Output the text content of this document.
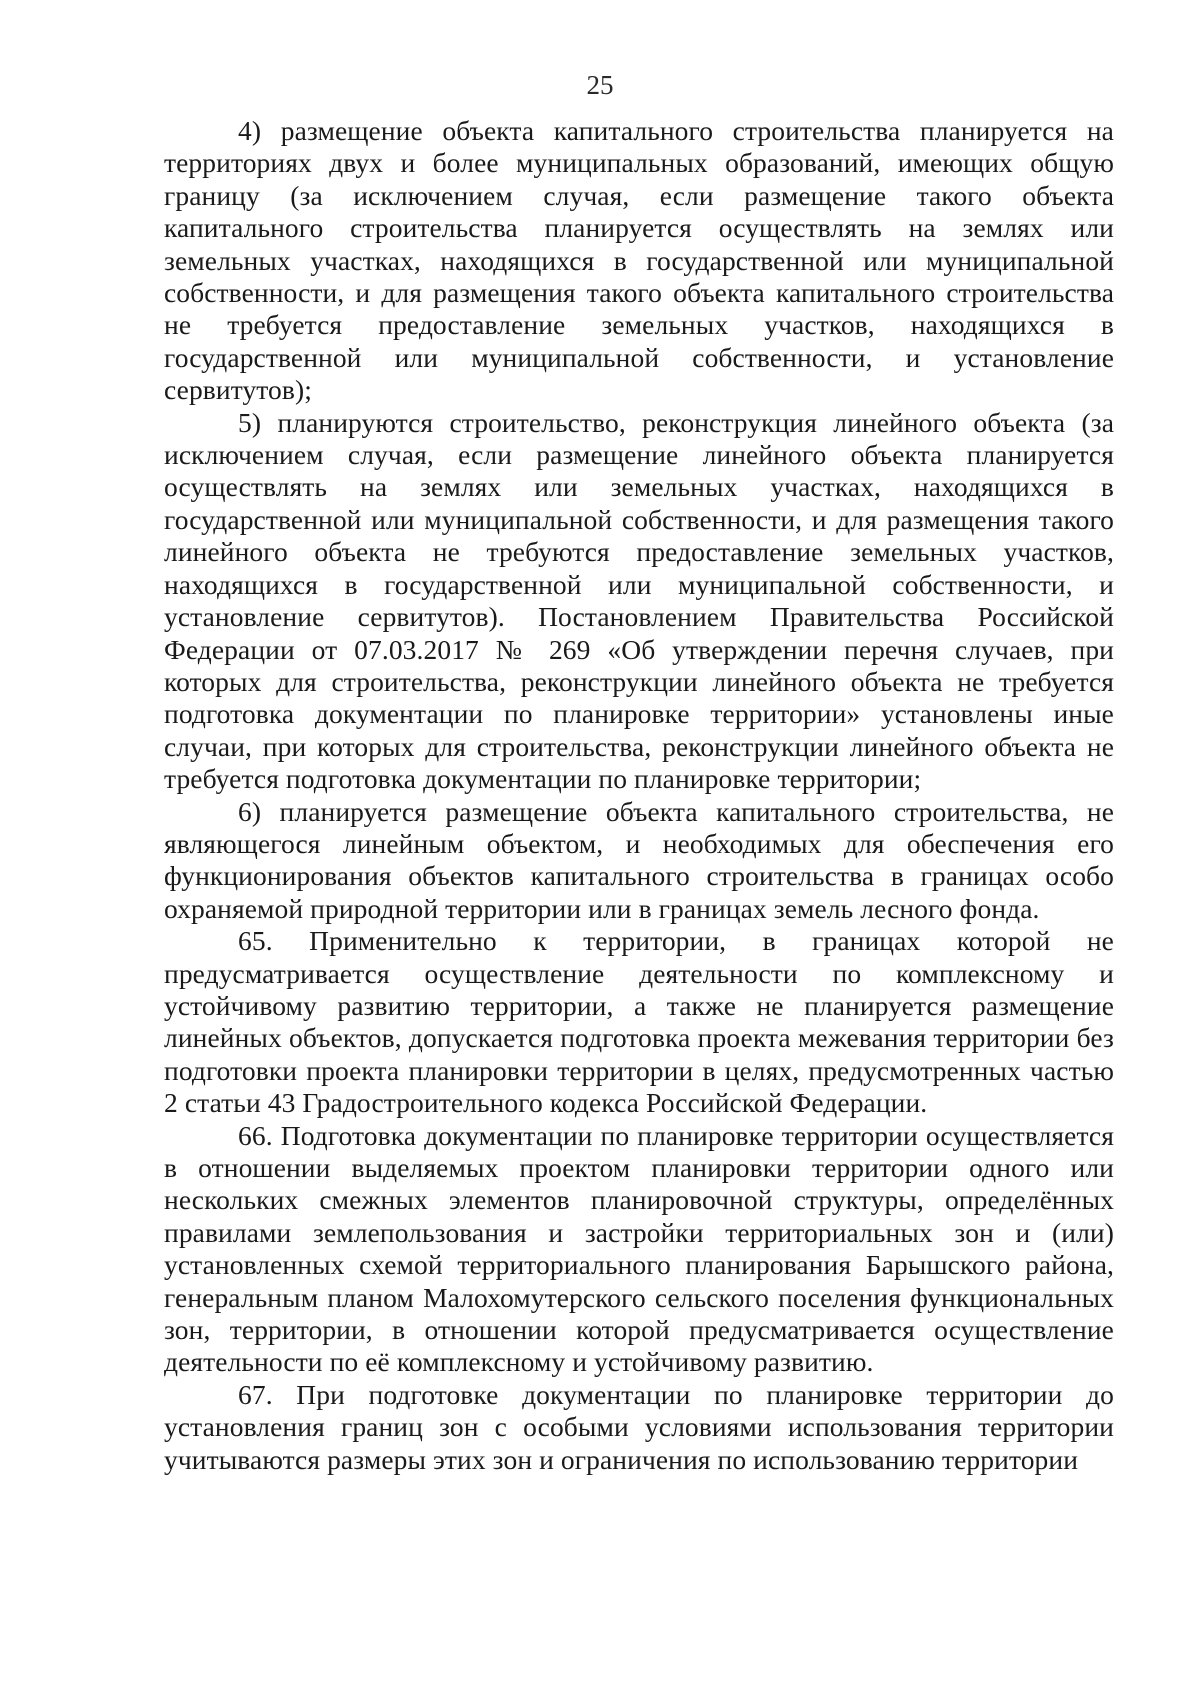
25

4) размещение объекта капитального строительства планируется на территориях двух и более муниципальных образований, имеющих общую границу (за исключением случая, если размещение такого объекта капитального строительства планируется осуществлять на землях или земельных участках, находящихся в государственной или муниципальной собственности, и для размещения такого объекта капитального строительства не требуется предоставление земельных участков, находящихся в государственной или муниципальной собственности, и установление сервитутов);

5) планируются строительство, реконструкция линейного объекта (за исключением случая, если размещение линейного объекта планируется осуществлять на землях или земельных участках, находящихся в государственной или муниципальной собственности, и для размещения такого линейного объекта не требуются предоставление земельных участков, находящихся в государственной или муниципальной собственности, и установление сервитутов). Постановлением Правительства Российской Федерации от 07.03.2017 № 269 «Об утверждении перечня случаев, при которых для строительства, реконструкции линейного объекта не требуется подготовка документации по планировке территории» установлены иные случаи, при которых для строительства, реконструкции линейного объекта не требуется подготовка документации по планировке территории;

6) планируется размещение объекта капитального строительства, не являющегося линейным объектом, и необходимых для обеспечения его функционирования объектов капитального строительства в границах особо охраняемой природной территории или в границах земель лесного фонда.

65. Применительно к территории, в границах которой не предусматривается осуществление деятельности по комплексному и устойчивому развитию территории, а также не планируется размещение линейных объектов, допускается подготовка проекта межевания территории без подготовки проекта планировки территории в целях, предусмотренных частью 2 статьи 43 Градостроительного кодекса Российской Федерации.

66. Подготовка документации по планировке территории осуществляется в отношении выделяемых проектом планировки территории одного или нескольких смежных элементов планировочной структуры, определённых правилами землепользования и застройки территориальных зон и (или) установленных схемой территориального планирования Барышского района, генеральным планом Малохомутерского сельского поселения функциональных зон, территории, в отношении которой предусматривается осуществление деятельности по её комплексному и устойчивому развитию.

67. При подготовке документации по планировке территории до установления границ зон с особыми условиями использования территории учитываются размеры этих зон и ограничения по использованию территории
